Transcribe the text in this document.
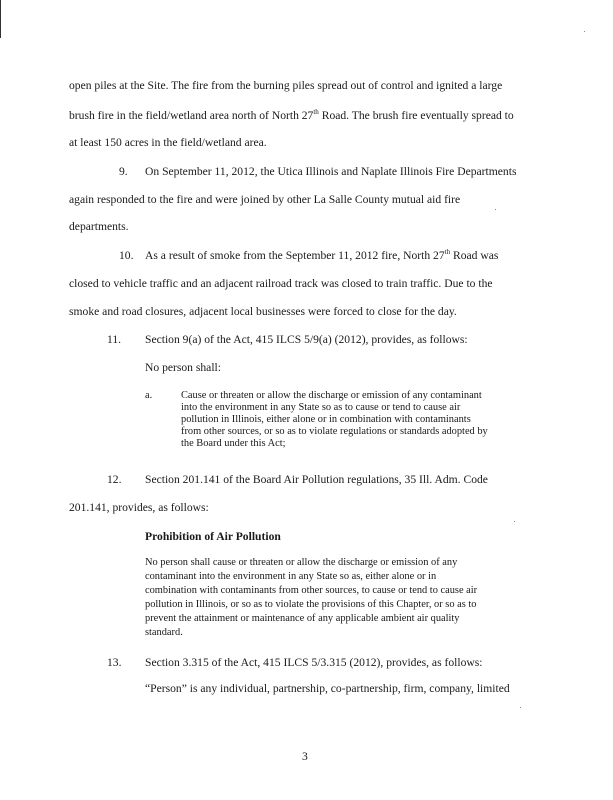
open piles at the Site. The fire from the burning piles spread out of control and ignited a large
brush fire in the field/wetland area north of North 27th Road. The brush fire eventually spread to
at least 150 acres in the field/wetland area.
9. On September 11, 2012, the Utica Illinois and Naplate Illinois Fire Departments
again responded to the fire and were joined by other La Salle County mutual aid fire
departments.
10. As a result of smoke from the September 11, 2012 fire, North 27th Road was
closed to vehicle traffic and an adjacent railroad track was closed to train traffic. Due to the
smoke and road closures, adjacent local businesses were forced to close for the day.
11. Section 9(a) of the Act, 415 ILCS 5/9(a) (2012), provides, as follows:
No person shall:
a.	Cause or threaten or allow the discharge or emission of any contaminant
into the environment in any State so as to cause or tend to cause air
pollution in Illinois, either alone or in combination with contaminants
from other sources, or so as to violate regulations or standards adopted by
the Board under this Act;
12. Section 201.141 of the Board Air Pollution regulations, 35 Ill. Adm. Code
201.141, provides, as follows:
Prohibition of Air Pollution
No person shall cause or threaten or allow the discharge or emission of any
contaminant into the environment in any State so as, either alone or in
combination with contaminants from other sources, to cause or tend to cause air
pollution in Illinois, or so as to violate the provisions of this Chapter, or so as to
prevent the attainment or maintenance of any applicable ambient air quality
standard.
13. Section 3.315 of the Act, 415 ILCS 5/3.315 (2012), provides, as follows:
“Person” is any individual, partnership, co-partnership, firm, company, limited
3
